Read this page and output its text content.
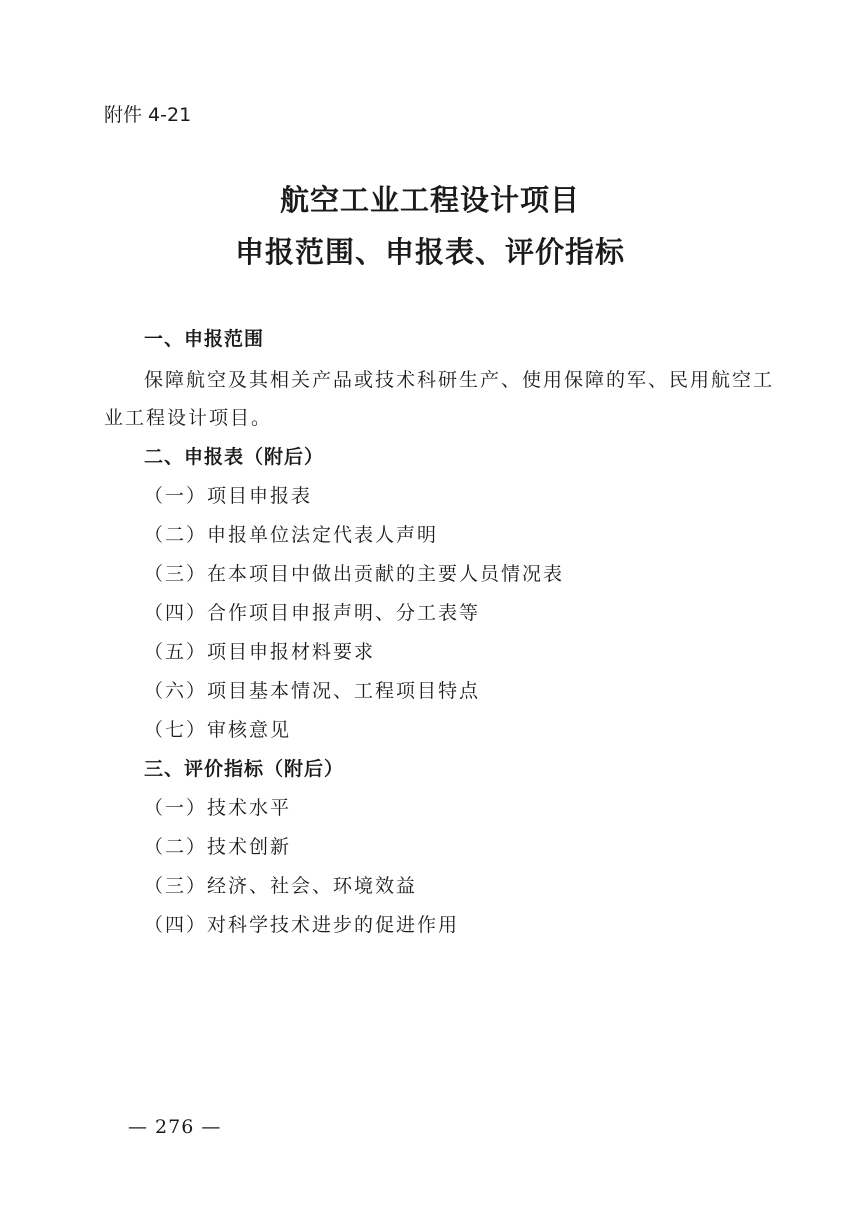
附件 4-21
航空工业工程设计项目
申报范围、申报表、评价指标
一、申报范围
保障航空及其相关产品或技术科研生产、使用保障的军、民用航空工
业工程设计项目。
二、申报表（附后）
（一）项目申报表
（二）申报单位法定代表人声明
（三）在本项目中做出贡献的主要人员情况表
（四）合作项目申报声明、分工表等
（五）项目申报材料要求
（六）项目基本情况、工程项目特点
（七）审核意见
三、评价指标（附后）
（一）技术水平
（二）技术创新
（三）经济、社会、环境效益
（四）对科学技术进步的促进作用
— 276 —
